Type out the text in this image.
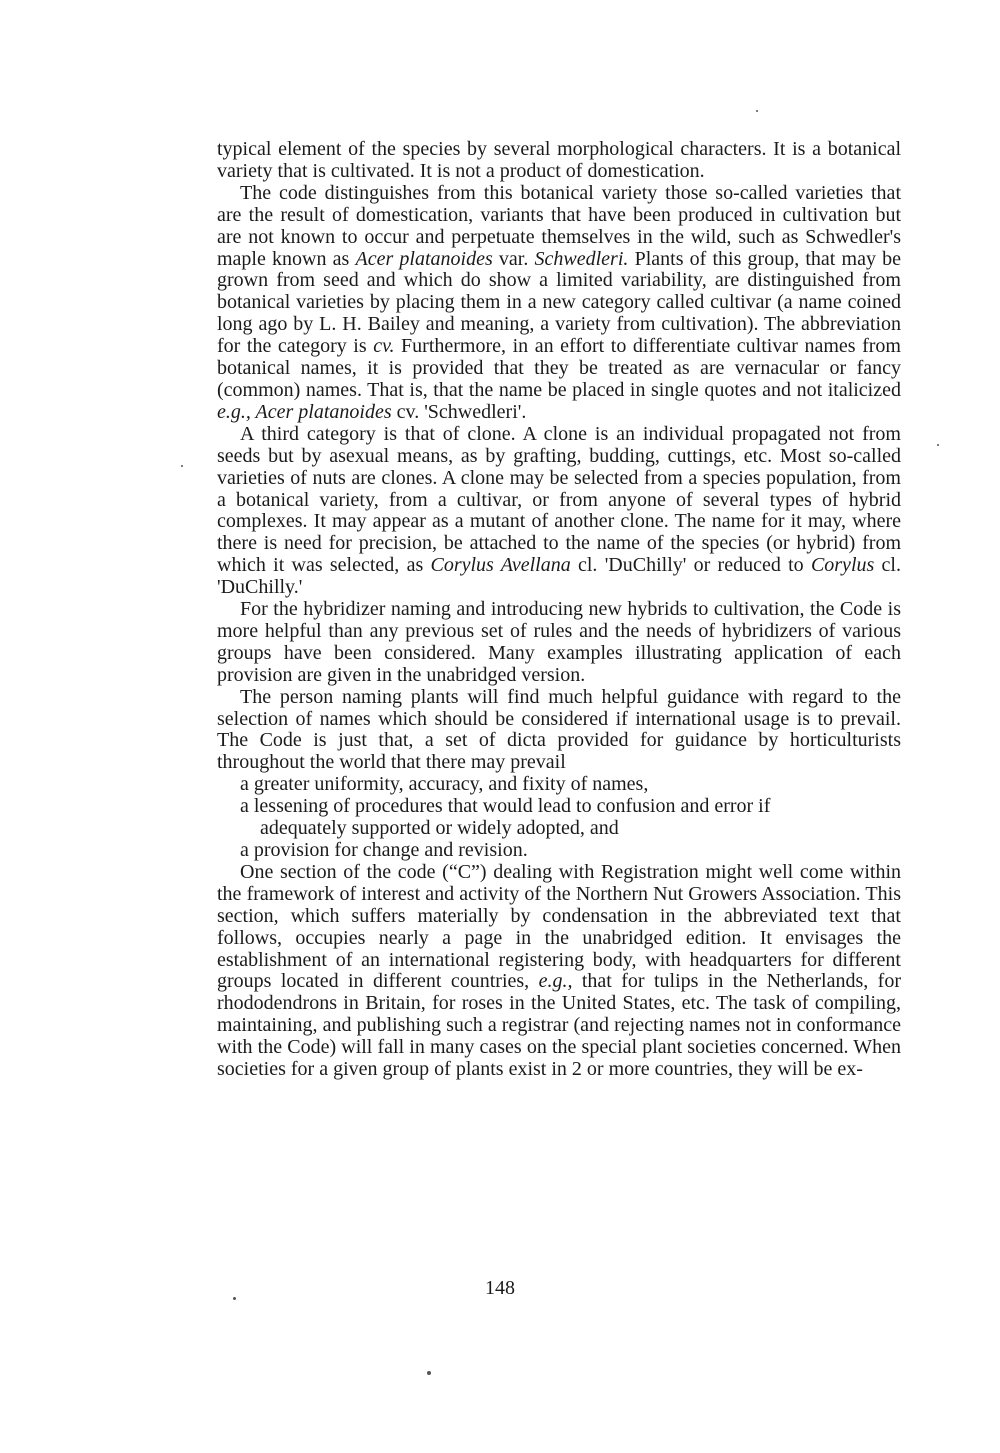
typical element of the species by several morphological characters. It is a botanical variety that is cultivated. It is not a product of domestication.

The code distinguishes from this botanical variety those so-called varieties that are the result of domestication, variants that have been produced in cultivation but are not known to occur and perpetuate themselves in the wild, such as Schwedler's maple known as Acer platanoides var. Schwedleri. Plants of this group, that may be grown from seed and which do show a limited variability, are distinguished from botanical varieties by placing them in a new category called cultivar (a name coined long ago by L. H. Bailey and meaning, a variety from cultivation). The abbreviation for the category is cv. Furthermore, in an effort to differentiate cultivar names from botanical names, it is provided that they be treated as are vernacular or fancy (common) names. That is, that the name be placed in single quotes and not italicized e.g., Acer platanoides cv. 'Schwedleri'.

A third category is that of clone. A clone is an individual propagated not from seeds but by asexual means, as by grafting, budding, cuttings, etc. Most so-called varieties of nuts are clones. A clone may be selected from a species population, from a botanical variety, from a cultivar, or from anyone of several types of hybrid complexes. It may appear as a mutant of another clone. The name for it may, where there is need for precision, be attached to the name of the species (or hybrid) from which it was selected, as Corylus Avellana cl. 'DuChilly' or reduced to Corylus cl. 'DuChilly.'

For the hybridizer naming and introducing new hybrids to cultivation, the Code is more helpful than any previous set of rules and the needs of hybridizers of various groups have been considered. Many examples illustrating application of each provision are given in the unabridged version.

The person naming plants will find much helpful guidance with regard to the selection of names which should be considered if international usage is to prevail. The Code is just that, a set of dicta provided for guidance by horticulturists throughout the world that there may prevail

a greater uniformity, accuracy, and fixity of names,
a lessening of procedures that would lead to confusion and error if
adequately supported or widely adopted, and
a provision for change and revision.

One section of the code (“C”) dealing with Registration might well come within the framework of interest and activity of the Northern Nut Growers Association. This section, which suffers materially by condensation in the abbreviated text that follows, occupies nearly a page in the unabridged edition. It envisages the establishment of an international registering body, with headquarters for different groups located in different countries, e.g., that for tulips in the Netherlands, for rhododendrons in Britain, for roses in the United States, etc. The task of compiling, maintaining, and publishing such a registrar (and rejecting names not in conformance with the Code) will fall in many cases on the special plant societies concerned. When societies for a given group of plants exist in 2 or more countries, they will be ex-

148
